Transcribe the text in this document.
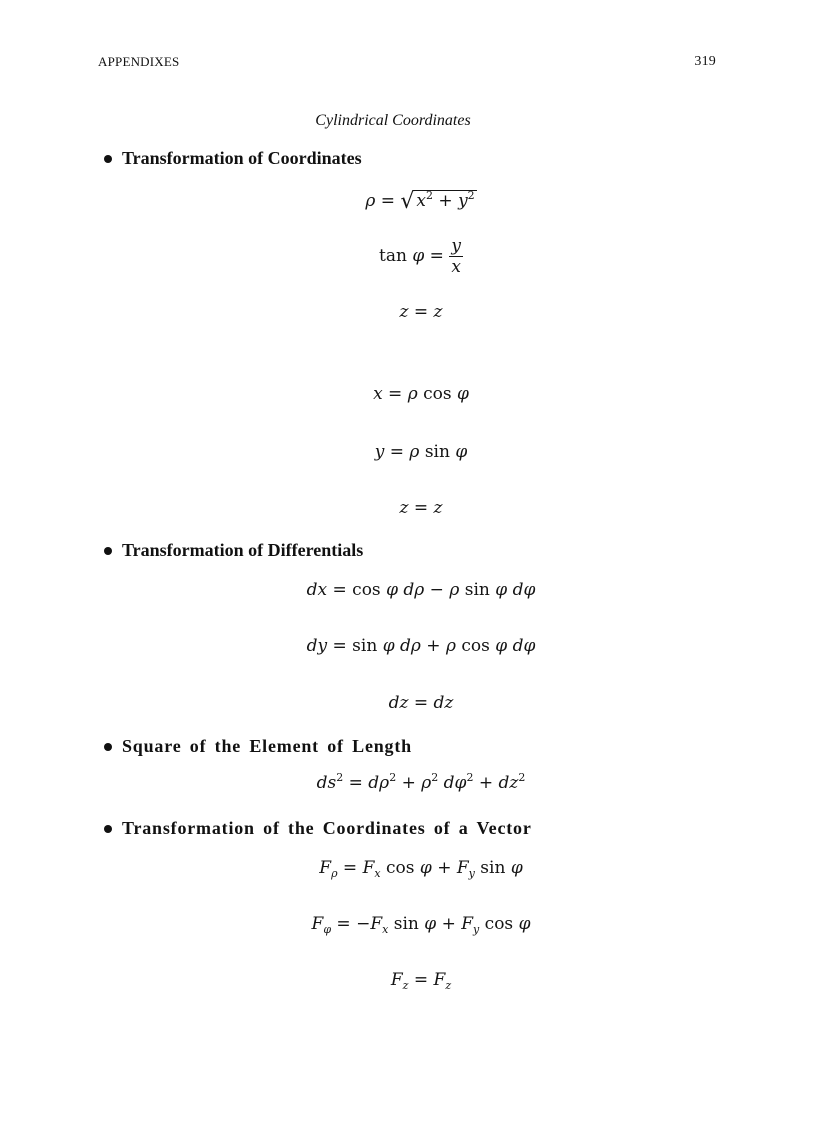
APPENDIXES	319
Cylindrical Coordinates
Transformation of Coordinates
ρ = √ $x^2 + y^2$
$\tan \varphi = \frac{y}{x}$
z = z
x = ρ cos φ
y = ρ sin φ
z = z
Transformation of Differentials
dx = cos φ dρ − ρ sin φ dφ
dy = sin φ dρ + ρ cos φ dφ
dz = dz
Square of the Element of Length
$ds^2 = d\rho^2 + \rho^2$ $d\varphi^2 + dz^2$
Transformation of the Coordinates of a Vector
$F_\rho = F_x$ $\cos \varphi + F_y$ sin φ
$F_\varphi = -F_x$ $\sin \varphi + F_y$ cos φ
$F_z = F_z$
